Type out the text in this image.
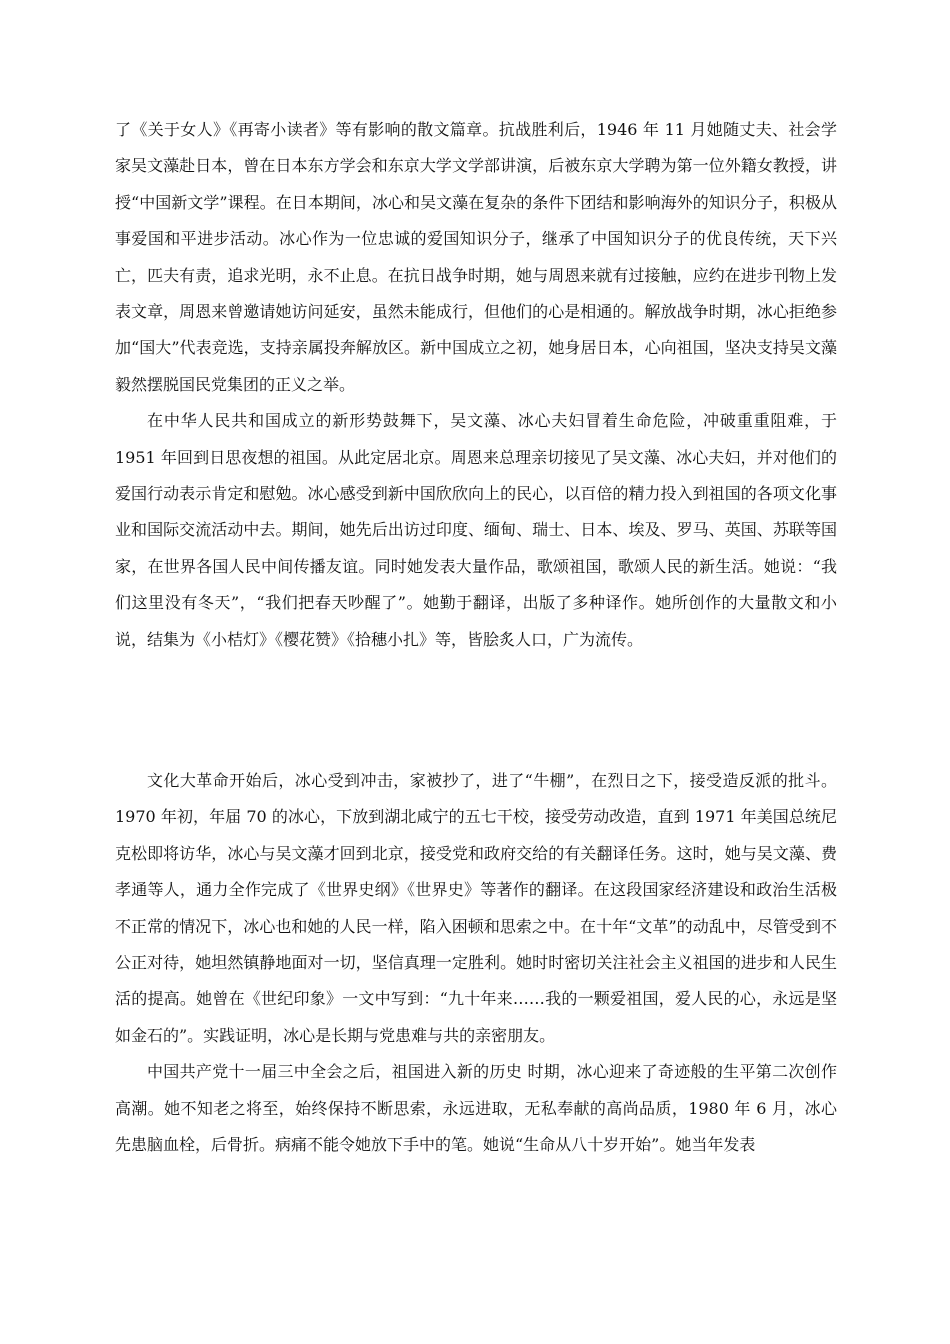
了《关于女人》《再寄小读者》等有影响的散文篇章。抗战胜利后，1946 年 11 月她随丈夫、社会学家吴文藻赴日本，曾在日本东方学会和东京大学文学部讲演，后被东京大学聘为第一位外籍女教授，讲授“中国新文学”课程。在日本期间，冰心和吴文藻在复杂的条件下团结和影响海外的知识分子，积极从事爱国和平进步活动。冰心作为一位忠诚的爱国知识分子，继承了中国知识分子的优良传统，天下兴亡，匹夫有责，追求光明，永不止息。在抗日战争时期，她与周恩来就有过接触，应约在进步刊物上发表文章，周恩来曾邀请她访问延安，虽然未能成行，但他们的心是相通的。解放战争时期，冰心拒绝参加“国大”代表竞选，支持亲属投奔解放区。新中国成立之初，她身居日本，心向祖国，坚决支持吴文藻毅然摆脱国民党集团的正义之举。

在中华人民共和国成立的新形势鼓舞下，吴文藻、冰心夫妇冒着生命危险，冲破重重阻难，于 1951 年回到日思夜想的祖国。从此定居北京。周恩来总理亲切接见了吴文藻、冰心夫妇，并对他们的爱国行动表示肯定和慰勉。冰心感受到新中国欣欣向上的民心，以百倍的精力投入到祖国的各项文化事业和国际交流活动中去。期间，她先后出访过印度、缅甸、瑞士、日本、埃及、罗马、英国、苏联等国家，在世界各国人民中间传播友谊。同时她发表大量作品，歌颂祖国，歌颂人民的新生活。她说：“我们这里没有冬天”，“我们把春天吵醒了”。她勤于翻译，出版了多种译作。她所创作的大量散文和小说，结集为《小桔灯》《樱花赞》《拾穗小扎》等，皆脍炙人口，广为流传。

文化大革命开始后，冰心受到冲击，家被抄了，进了“牛棚”，在烈日之下，接受造反派的批斗。1970 年初，年届 70 的冰心，下放到湖北咸宁的五七干校，接受劳动改造，直到 1971 年美国总统尼克松即将访华，冰心与吴文藻才回到北京，接受党和政府交给的有关翻译任务。这时，她与吴文藻、费孝通等人，通力全作完成了《世界史纲》《世界史》等著作的翻译。在这段国家经济建设和政治生活极不正常的情况下，冰心也和她的人民一样，陷入困顿和思索之中。在十年“文革”的动乱中，尽管受到不公正对待，她坦然镇静地面对一切，坚信真理一定胜利。她时时密切关注社会主义祖国的进步和人民生活的提高。她曾在《世纪印象》一文中写到：“九十年来……我的一颗爱祖国，爱人民的心，永远是坚如金石的”。实践证明，冰心是长期与党患难与共的亲密朋友。

中国共产党十一届三中全会之后，祖国进入新的历史 时期，冰心迎来了奇迹般的生平第二次创作高潮。她不知老之将至，始终保持不断思索，永远进取，无私奉献的高尚品质，1980 年 6 月，冰心先患脑血栓，后骨折。病痛不能令她放下手中的笔。她说“生命从八十岁开始”。她当年发表
